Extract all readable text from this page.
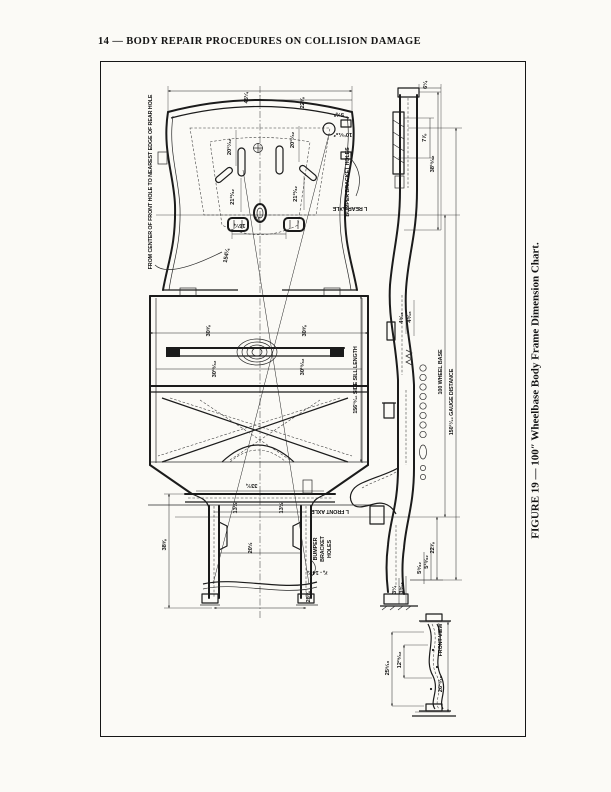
14 — BODY REPAIR PROCEDURES ON COLLISION DAMAGE
FROM CENTER OF FRONT HOLE TO NEAREST EDGE OF REAR HOLE	154¼
45¼	22⅝
20¹⁷⁄₃₂	20¹⁷⁄₃₂
21¹³⁄₃₂	21¹³⁄₃₂	BUMPER BRACKET HOLES
5⅝*
10¹⁵⁄₁₆*
L REAR AXLE
16¼
⅝
30⅝	30⅝
30¹⁵⁄₃₂	30¹⁵⁄₃₂	156¹⁵⁄₁₆ SIDE SILL LENGTH
33¾
L FRONT AXLE
13½	13½
20½
38⅝	BUMPER BRACKET HOLES
⅞ - 14¾
28⅝
6¼
7⅞
38¹⁵⁄₃₂
4⁹⁄₁₆ 4⁵⁄₁₆
100 WHEEL BASE 150¹⁷⁄₃₂ GAUGE DISTANCE
22⅞
5⁹⁄₃₂ 5¹⁵⁄₃₂
3¼ 3⁹⁄₁₆
25⁹⁄₁₆ 12²⁹⁄₃₂
FRONT VIEW
26¹⁵⁄₁₆
FIGURE 19 — 100″ Wheelbase Body Frame Dimension Chart.
